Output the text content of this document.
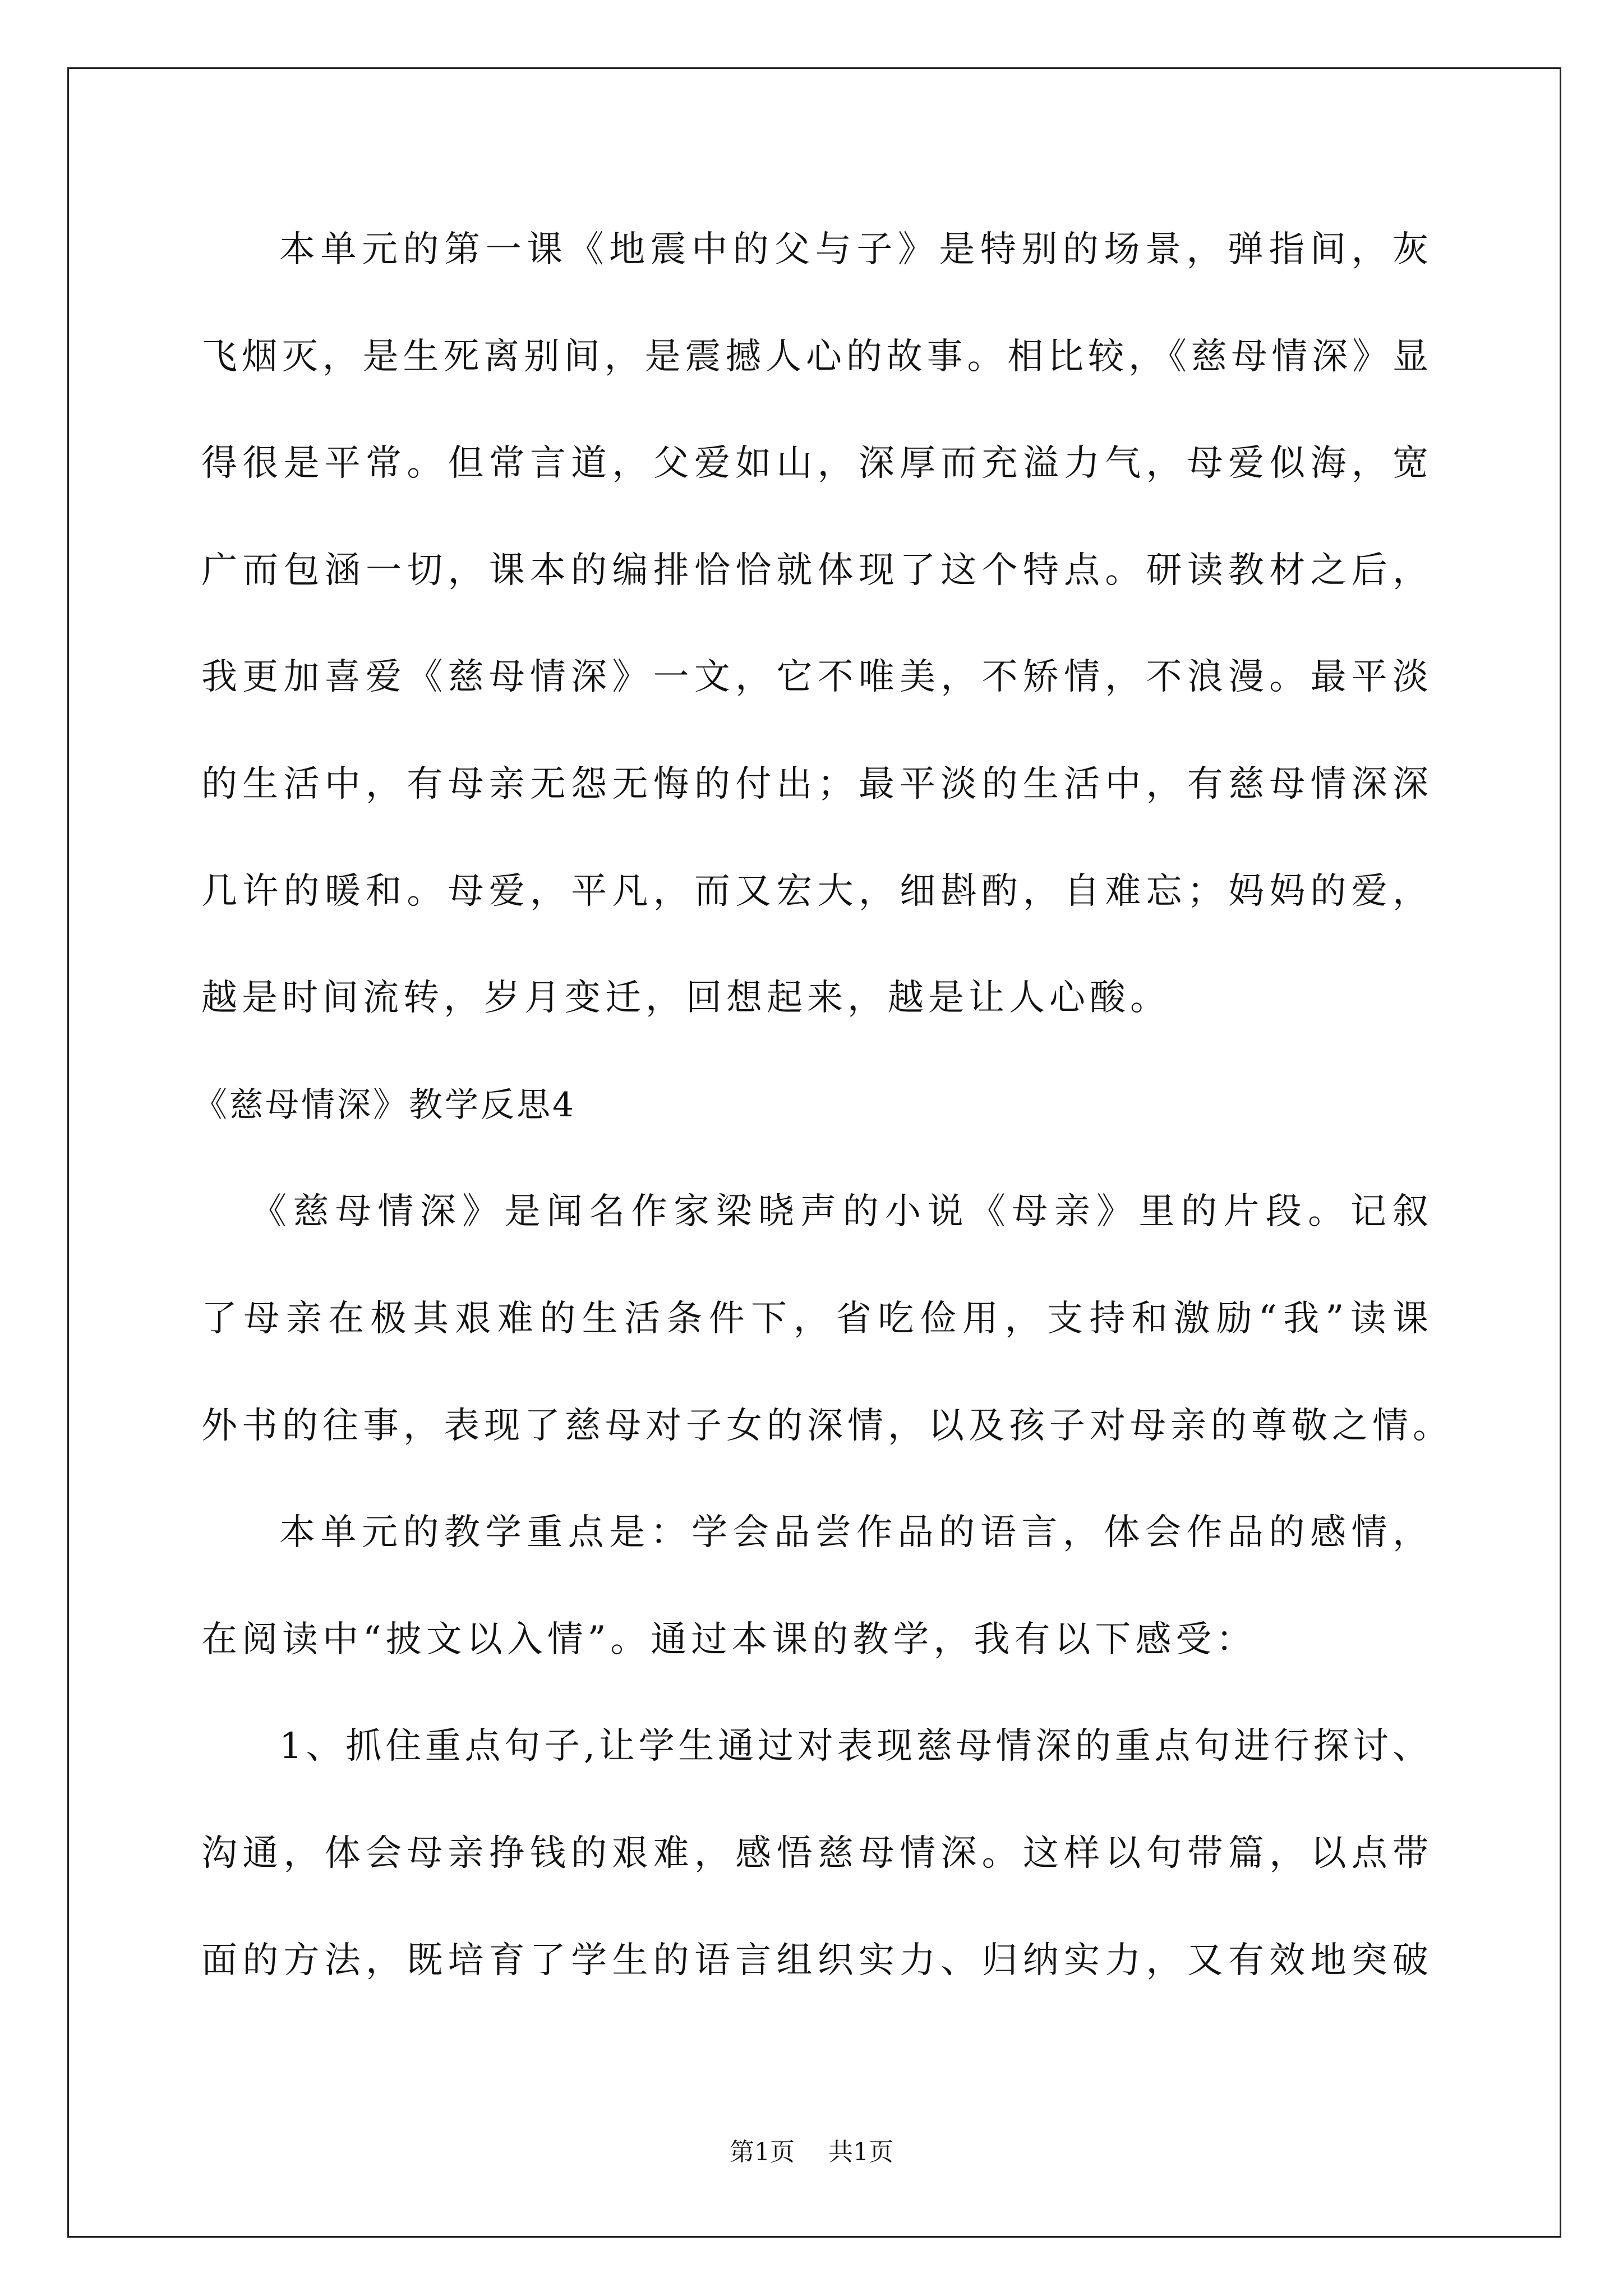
本单元的第一课《地震中的父与子》是特别的场景，弹指间，灰
飞烟灭，是生死离别间，是震撼人心的故事。相比较，《慈母情深》显
得很是平常。但常言道，父爱如山，深厚而充溢力气，母爱似海，宽
广而包涵一切，课本的编排恰恰就体现了这个特点。研读教材之后，
我更加喜爱《慈母情深》一文，它不唯美，不矫情，不浪漫。最平淡
的生活中，有母亲无怨无悔的付出；最平淡的生活中，有慈母情深深
几许的暖和。母爱，平凡，而又宏大，细斟酌，自难忘；妈妈的爱，
越是时间流转，岁月变迁，回想起来，越是让人心酸。
《慈母情深》教学反思4
《慈母情深》是闻名作家梁晓声的小说《母亲》里的片段。记叙
了母亲在极其艰难的生活条件下，省吃俭用，支持和激励“我”读课
外书的往事，表现了慈母对子女的深情，以及孩子对母亲的尊敬之情。
本单元的教学重点是：学会品尝作品的语言，体会作品的感情，
在阅读中“披文以入情”。通过本课的教学，我有以下感受：
1、抓住重点句子,让学生通过对表现慈母情深的重点句进行探讨、
沟通，体会母亲挣钱的艰难，感悟慈母情深。这样以句带篇，以点带
面的方法，既培育了学生的语言组织实力、归纳实力，又有效地突破
第1页 共1页
